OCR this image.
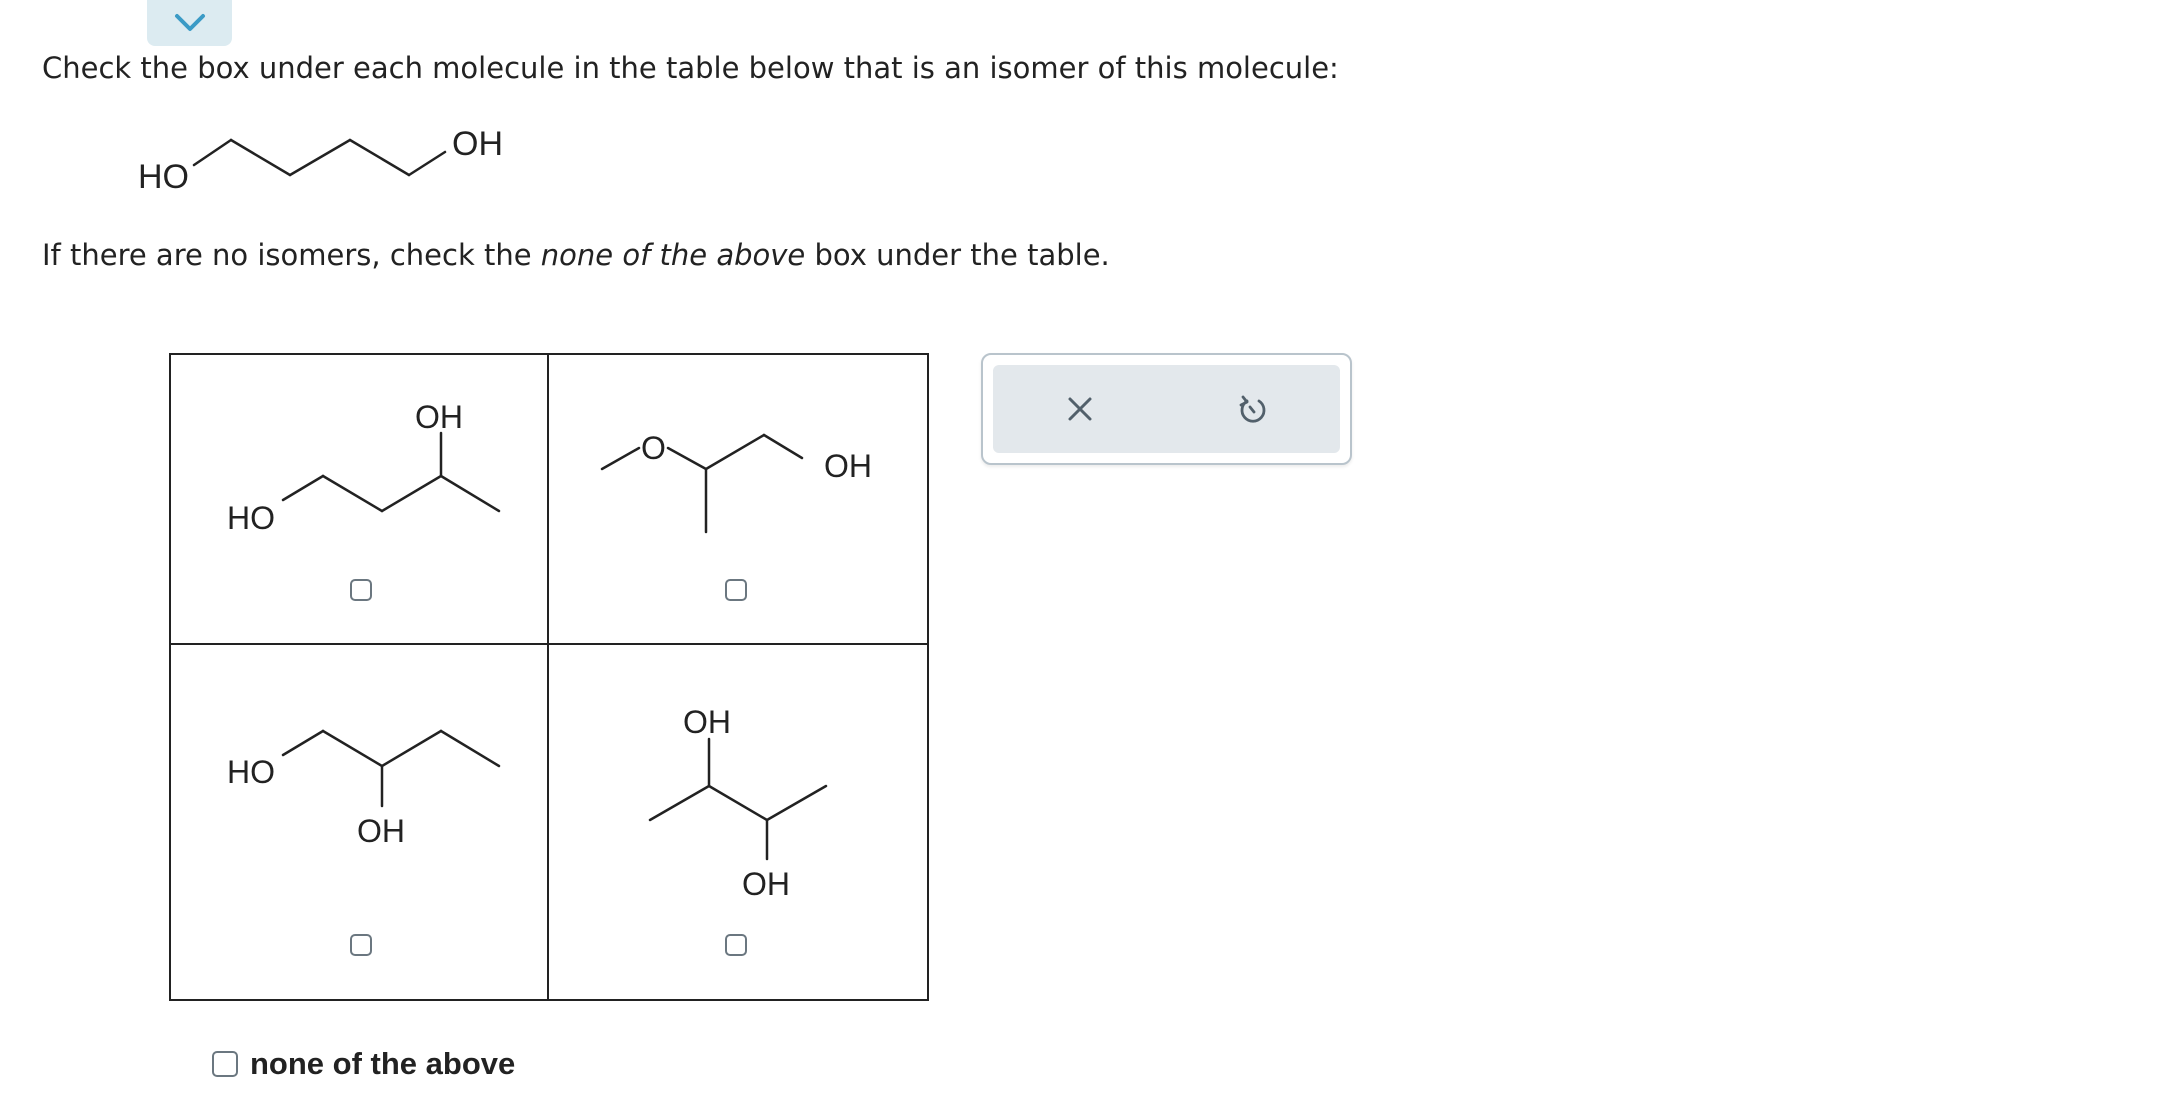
Check the box under each molecule in the table below that is an isomer of this molecule:
HO
OH
If there are no isomers, check the none of the above box under the table.
OH
HO
O	OH
HO
OH
OH
OH
none of the above
